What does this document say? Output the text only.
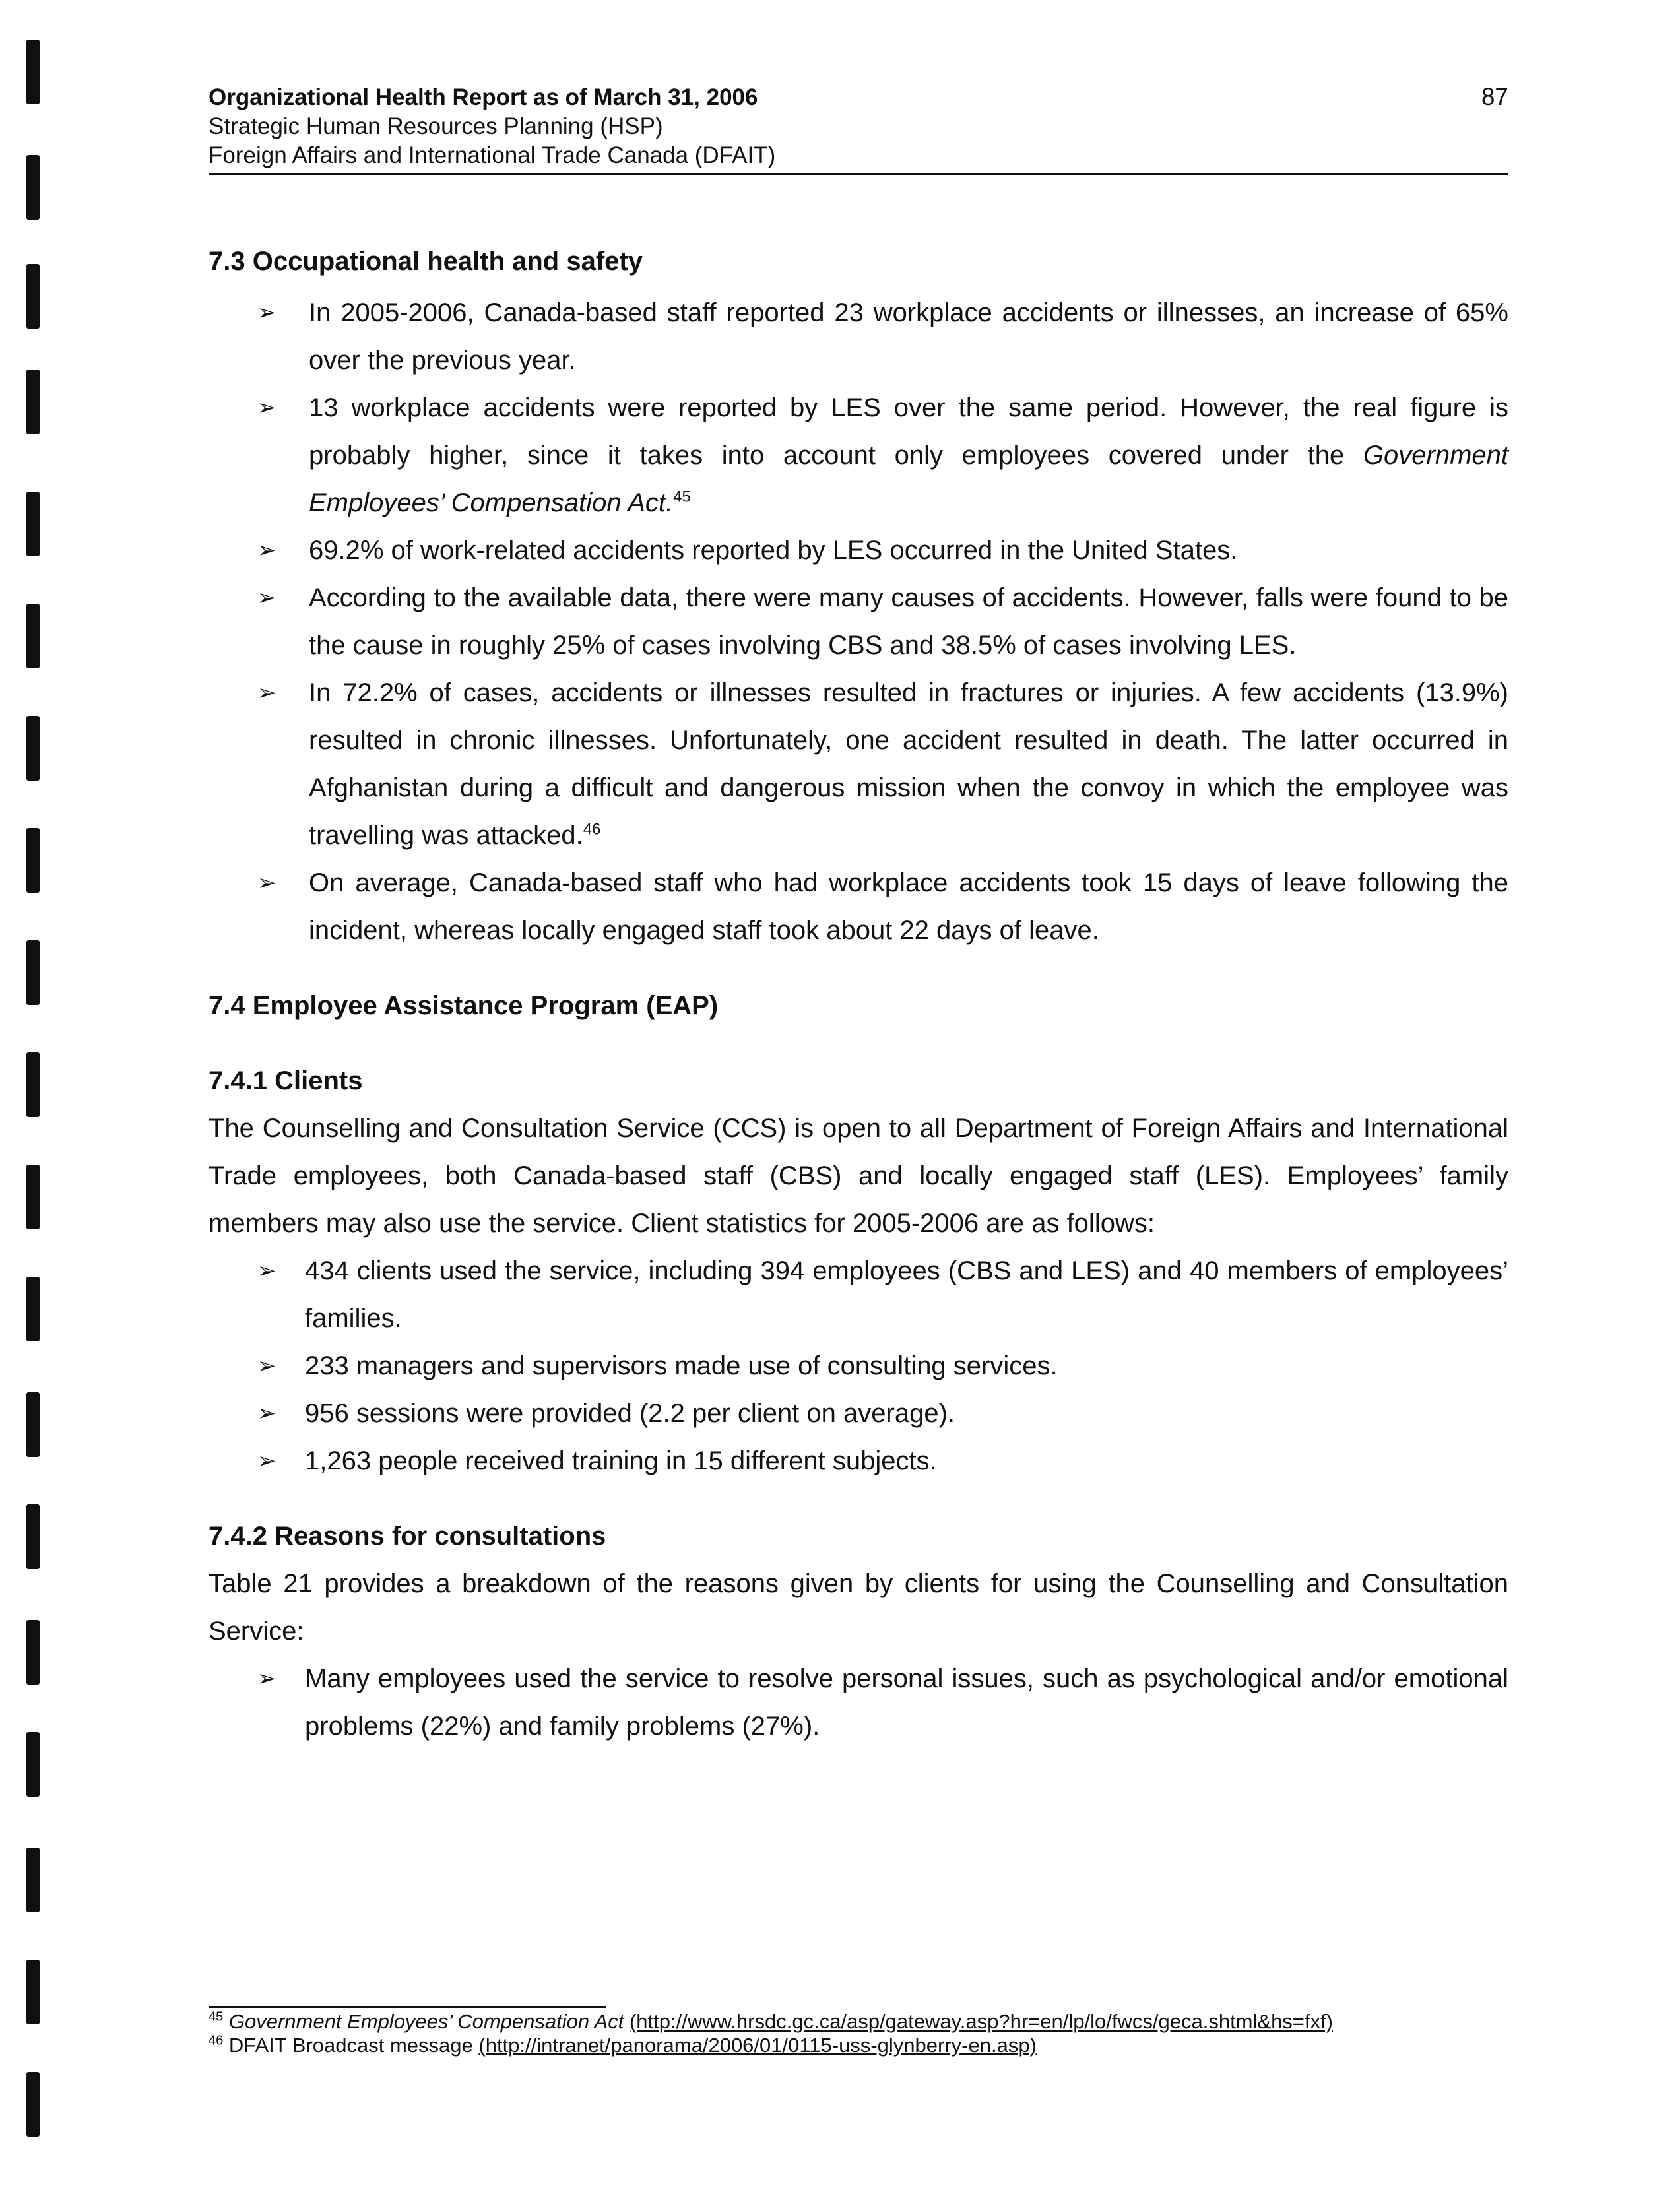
Organizational Health Report as of March 31, 2006
Strategic Human Resources Planning (HSP)
Foreign Affairs and International Trade Canada (DFAIT)
87
7.3 Occupational health and safety
➢ In 2005-2006, Canada-based staff reported 23 workplace accidents or illnesses, an increase of 65% over the previous year.
➢ 13 workplace accidents were reported by LES over the same period. However, the real figure is probably higher, since it takes into account only employees covered under the Government Employees’ Compensation Act.$^{45}$
➢ 69.2% of work-related accidents reported by LES occurred in the United States.
➢ According to the available data, there were many causes of accidents. However, falls were found to be the cause in roughly 25% of cases involving CBS and 38.5% of cases involving LES.
➢ In 72.2% of cases, accidents or illnesses resulted in fractures or injuries. A few accidents (13.9%) resulted in chronic illnesses. Unfortunately, one accident resulted in death. The latter occurred in Afghanistan during a difficult and dangerous mission when the convoy in which the employee was travelling was attacked.$^{46}$
➢ On average, Canada-based staff who had workplace accidents took 15 days of leave following the incident, whereas locally engaged staff took about 22 days of leave.
7.4 Employee Assistance Program (EAP)
7.4.1 Clients
The Counselling and Consultation Service (CCS) is open to all Department of Foreign Affairs and International Trade employees, both Canada-based staff (CBS) and locally engaged staff (LES). Employees’ family members may also use the service. Client statistics for 2005-2006 are as follows:
➢ 434 clients used the service, including 394 employees (CBS and LES) and 40 members of employees’ families.
➢ 233 managers and supervisors made use of consulting services.
➢ 956 sessions were provided (2.2 per client on average).
➢ 1,263 people received training in 15 different subjects.
7.4.2 Reasons for consultations
Table 21 provides a breakdown of the reasons given by clients for using the Counselling and Consultation Service:
➢ Many employees used the service to resolve personal issues, such as psychological and/or emotional problems (22%) and family problems (27%).
$^{45}$ Government Employees’ Compensation Act (http://www.hrsdc.gc.ca/asp/gateway.asp?hr=en/lp/lo/fwcs/geca.shtml&hs=fxf)
$^{46}$ DFAIT Broadcast message (http://intranet/panorama/2006/01/0115-uss-glynberry-en.asp)
